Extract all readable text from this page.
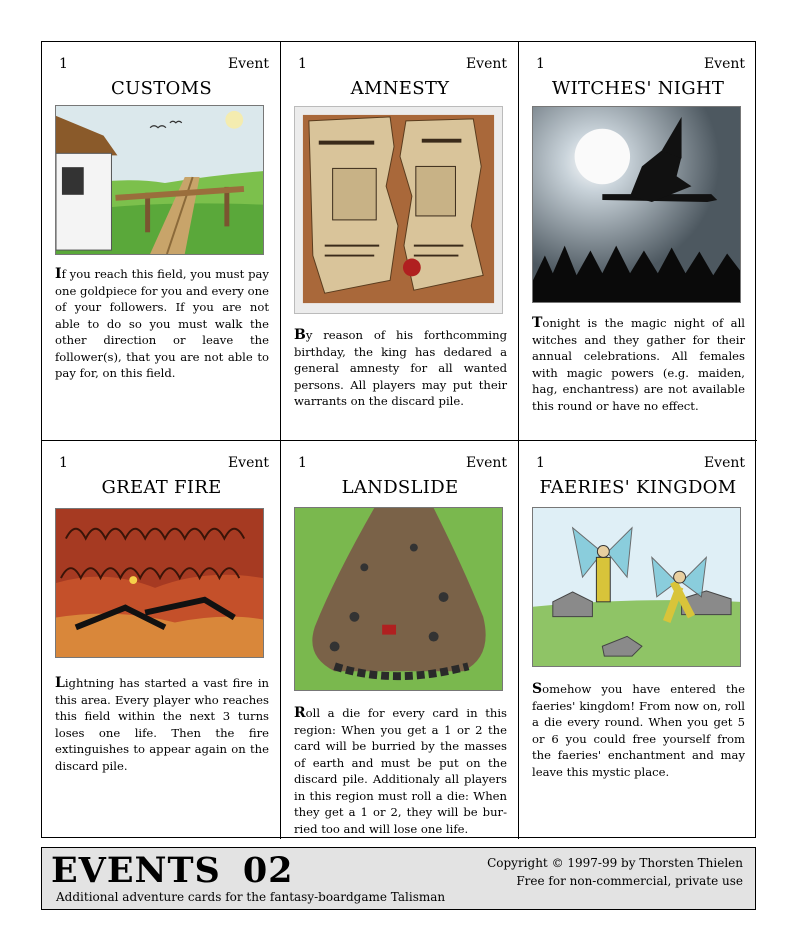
1	Event
CUSTOMS
If you reach this field, you must pay one goldpiece for you and every one of your followers. If you are not able to do so you must walk the other direction or leave the follower(s), that you are not able to pay for, on this field.
1	Event
AMNESTY
By reason of his forthcomming birthday, the king has dedared a general amnesty for all wanted persons. All players may put their warrants on the discard pile.
1	Event
WITCHES' NIGHT
Tonight is the magic night of all witches and they gather for their annual celebrations. All females with magic powers (e.g. maiden, hag, enchantress) are not available this round or have no effect.
1	Event
GREAT FIRE
Lightning has started a vast fire in this area. Every player who reaches this field within the next 3 turns loses one life. Then the fire extinguishes to appear again on the discard pile.
1	Event
LANDSLIDE
Roll a die for every card in this region: When you get a 1 or 2 the card will be burried by the masses of earth and must be put on the discard pile. Additionaly all players in this region must roll a die: When they get a 1 or 2, they will be bur-ried too and will lose one life.
1	Event
FAERIES' KINGDOM
Somehow you have entered the faeries' kingdom! From now on, roll a die every round. When you get 5 or 6 you could free yourself from the faeries' enchantment and may leave this mystic place.
EVENTS 02
Additional adventure cards for the fantasy-boardgame Talisman
Copyright © 1997-99 by Thorsten Thielen
Free for non-commercial, private use
